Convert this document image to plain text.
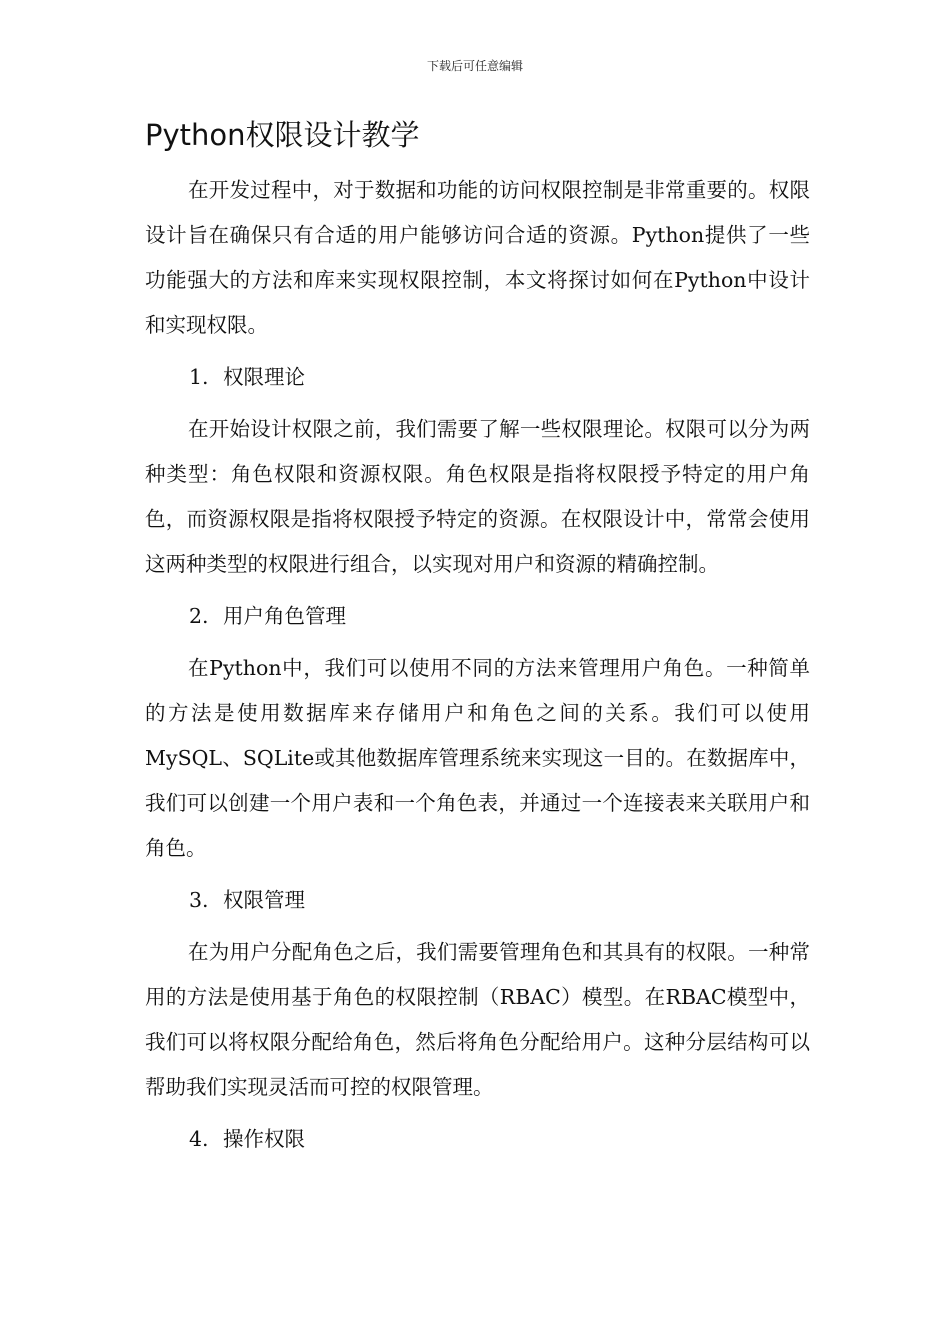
下载后可任意编辑
Python权限设计教学

在开发过程中，对于数据和功能的访问权限控制是非常重要的。权限设计旨在确保只有合适的用户能够访问合适的资源。Python提供了一些功能强大的方法和库来实现权限控制，本文将探讨如何在Python中设计和实现权限。

1. 权限理论

在开始设计权限之前，我们需要了解一些权限理论。权限可以分为两种类型：角色权限和资源权限。角色权限是指将权限授予特定的用户角色，而资源权限是指将权限授予特定的资源。在权限设计中，常常会使用这两种类型的权限进行组合，以实现对用户和资源的精确控制。

2. 用户角色管理

在Python中，我们可以使用不同的方法来管理用户角色。一种简单的方法是使用数据库来存储用户和角色之间的关系。我们可以使用MySQL、SQLite或其他数据库管理系统来实现这一目的。在数据库中，我们可以创建一个用户表和一个角色表，并通过一个连接表来关联用户和角色。

3. 权限管理

在为用户分配角色之后，我们需要管理角色和其具有的权限。一种常用的方法是使用基于角色的权限控制（RBAC）模型。在RBAC模型中，我们可以将权限分配给角色，然后将角色分配给用户。这种分层结构可以帮助我们实现灵活而可控的权限管理。

4. 操作权限
